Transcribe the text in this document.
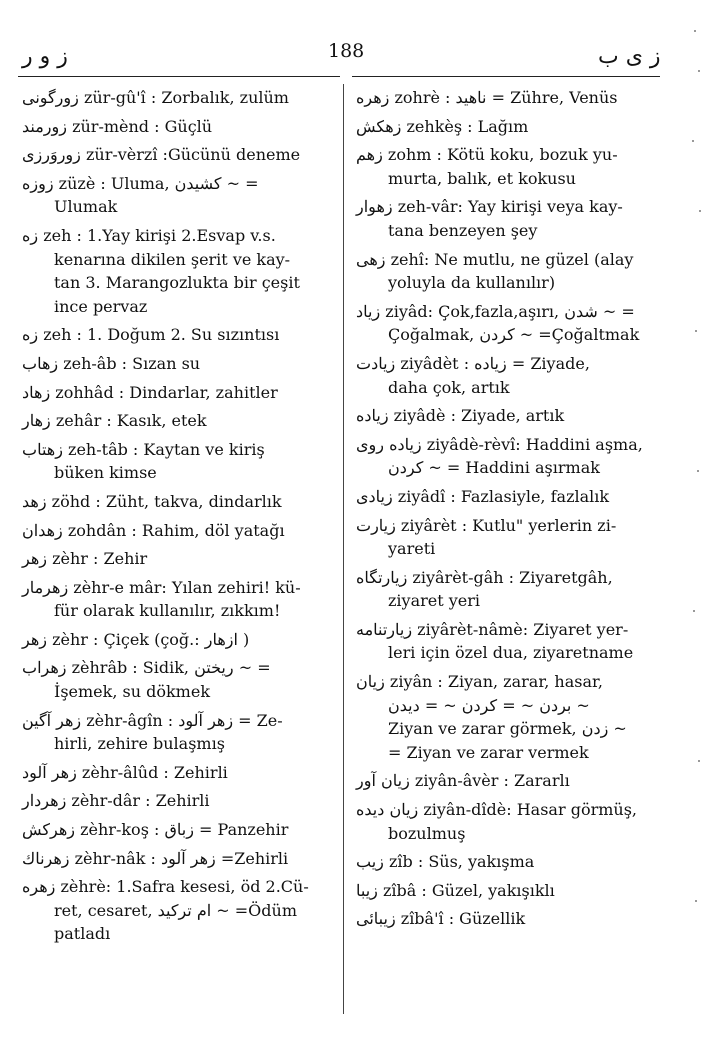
ز و ر	188	ز ی ب
زورگونی zür-gû'î : Zorbalık, zulüm
زورمند zür-mènd : Güçlü
زوروَرزى zür-vèrzî :Gücünü deneme
زوزه züzè : Uluma, كشيدن ~ =
Ulumak
زه zeh : 1.Yay kirişi 2.Esvap v.s.
kenarına dikilen şerit ve kay-
tan 3. Marangozlukta bir çeşit
ince pervaz
زه zeh : 1. Doğum 2. Su sızıntısı
زهاب zeh-âb : Sızan su
زهاد zohhâd : Dindarlar, zahitler
زهار zehâr : Kasık, etek
زهتاب zeh-tâb : Kaytan ve kiriş
büken kimse
زهد zöhd : Züht, takva, dindarlık
زهدان zohdân : Rahim, döl yatağı
زهر zèhr : Zehir
زهرمار zèhr-e mâr: Yılan zehiri! kü-
für olarak kullanılır, zıkkım!
زهر zèhr : Çiçek (çoğ.: ازهار )
زهراب zèhrâb : Sidik, ريختن ~ =
İşemek, su dökmek
زهر آگين zèhr-âgîn : زهر آلود = Ze-
hirli, zehire bulaşmış
زهر آلود zèhr-âlûd : Zehirli
زهردار zèhr-dâr : Zehirli
زهركش zèhr-koş : زباق = Panzehir
زهرناك zèhr-nâk : زهر آلود =Zehirli
زهره zèhrè: 1.Safra kesesi, öd 2.Cü-
ret, cesaret, ام تركيد ~ =Ödüm
patladı
زهره zohrè : ناهيد = Zühre, Venüs
زهكش zehkèş : Lağım
زهم zohm : Kötü koku, bozuk yu-
murta, balık, et kokusu
زهوار zeh-vâr: Yay kirişi veya kay-
tana benzeyen şey
زهى zehî: Ne mutlu, ne güzel (alay
yoluyla da kullanılır)
زياد ziyâd: Çok,fazla,aşırı, شدن ~ =
Çoğalmak, كردن ~ =Çoğaltmak
زيادت ziyâdèt : زياده = Ziyade,
daha çok, artık
زياده ziyâdè : Ziyade, artık
زياده روى ziyâdè-rèvî: Haddini aşma,
كردن ~ = Haddini aşırmak
زيادى ziyâdî : Fazlasiyle, fazlalık
زيارت ziyârèt : Kutlu" yerlerin zi-
yareti
زيارتگاه ziyârèt-gâh : Ziyaretgâh,
ziyaret yeri
زيارتنامه ziyârèt-nâmè: Ziyaret yer-
leri için özel dua, ziyaretname
زيان ziyân : Ziyan, zarar, hasar,
بردن ~ = كردن ~ = ديدن ~
Ziyan ve zarar görmek, زدن ~
= Ziyan ve zarar vermek
زيان آور ziyân-âvèr : Zararlı
زيان ديده ziyân-dîdè: Hasar görmüş,
bozulmuş
زيب zîb : Süs, yakışma
زيبا zîbâ : Güzel, yakışıklı
زيبائى zîbâ'î : Güzellik
